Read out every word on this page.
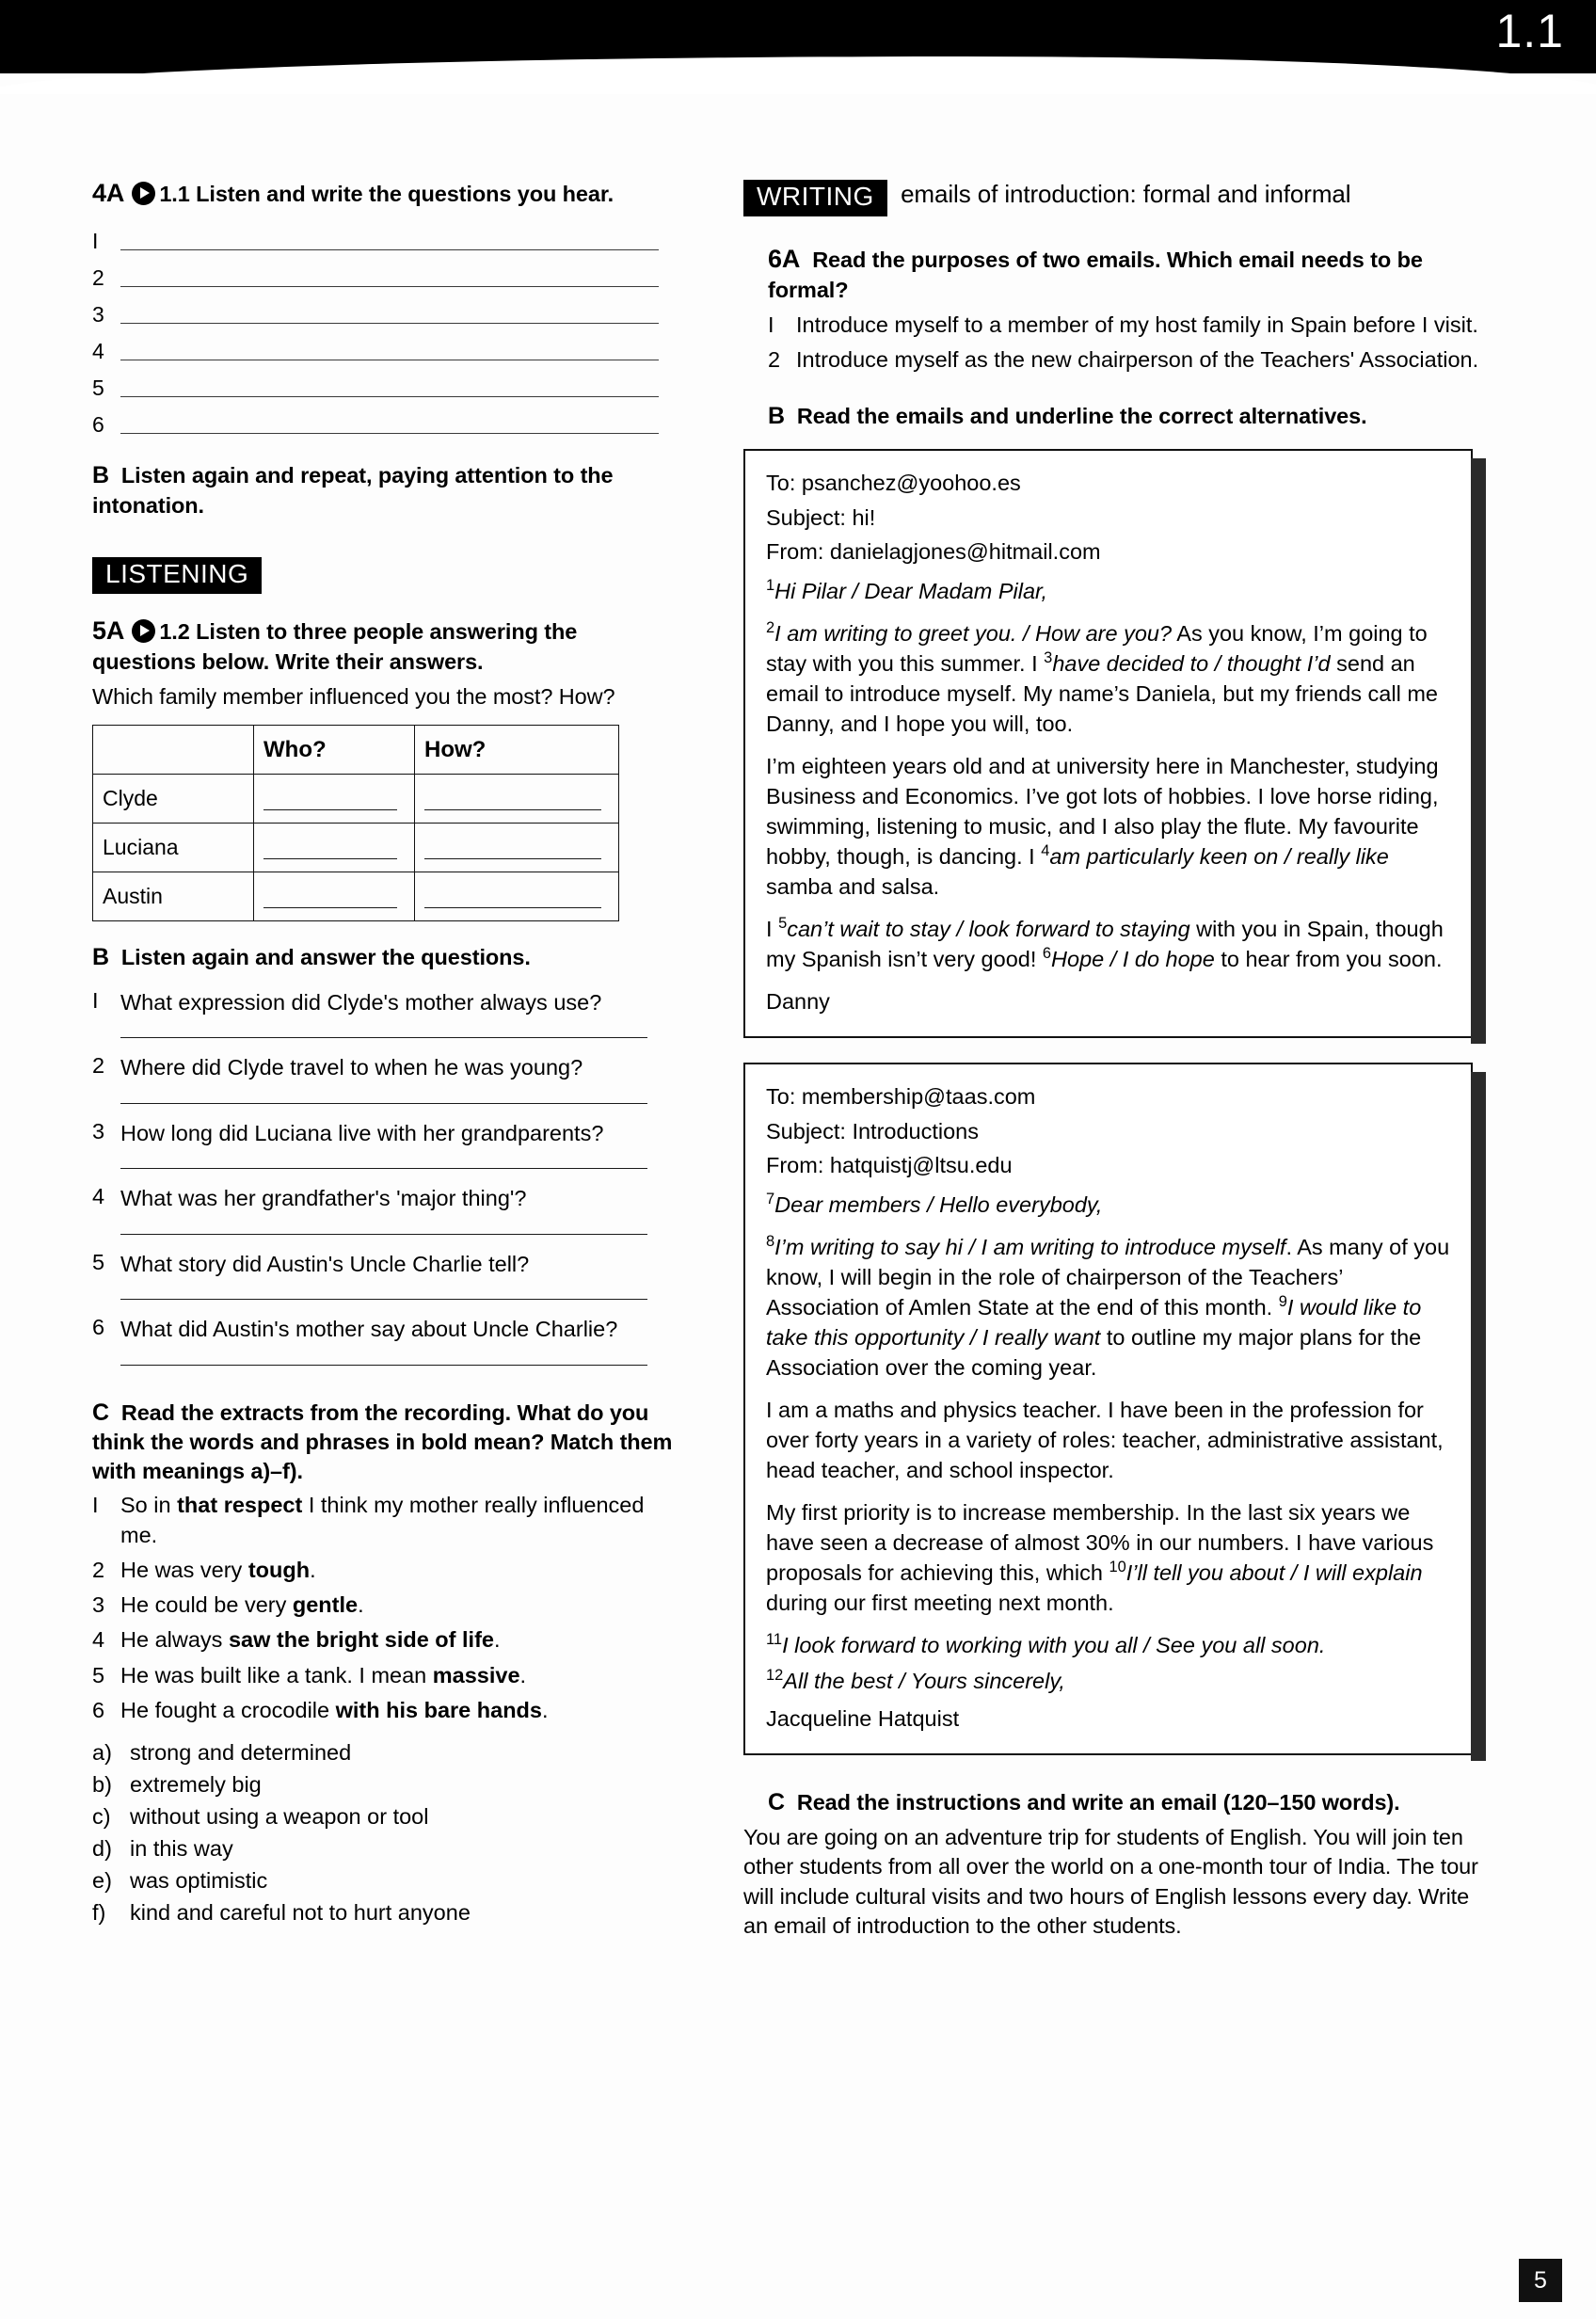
1.1
4A 1.1 Listen and write the questions you hear.
I
2
3
4
5
6
B Listen again and repeat, paying attention to the intonation.
LISTENING
5A 1.2 Listen to three people answering the questions below. Write their answers.

Which family member influenced you the most? How?

	Who?	How?
Clyde	

Luciana	

Austin	

B Listen again and answer the questions.
I What expression did Clyde's mother always use?
2 Where did Clyde travel to when he was young?
3 How long did Luciana live with her grandparents?
4 What was her grandfather's 'major thing'?
5 What story did Austin's Uncle Charlie tell?
6 What did Austin's mother say about Uncle Charlie?
C Read the extracts from the recording. What do you think the words and phrases in bold mean? Match them with meanings a)–f).
I So in that respect I think my mother really influenced me.
2 He was very tough.
3 He could be very gentle.
4 He always saw the bright side of life.
5 He was built like a tank. I mean massive.
6 He fought a crocodile with his bare hands.
a) strong and determined
b) extremely big
c) without using a weapon or tool
d) in this way
e) was optimistic
f)	kind and careful not to hurt anyone
WRITING emails of introduction: formal and informal
6A Read the purposes of two emails. Which email needs to be formal?
I Introduce myself to a member of my host family in Spain before I visit.
2 Introduce myself as the new chairperson of the Teachers' Association.
B Read the emails and underline the correct alternatives.

To: psanchez@yoohoo.es

Subject: hi!

From: danielagjones@hitmail.com

$^1$Hi Pilar / Dear Madam Pilar,

$^2$I am writing to greet you. / How are you? As you know, I’m going to stay with you this summer. I $^3$have decided to / thought I’d send an email to introduce myself. My name’s Daniela, but my friends call me Danny, and I hope you will, too.

I’m eighteen years old and at university here in Manchester, studying Business and Economics. I’ve got lots of hobbies. I love horse riding, swimming, listening to music, and I also play the flute. My favourite hobby, though, is dancing. I $^4$am particularly keen on / really like samba and salsa.

I $^5$can’t wait to stay / look forward to staying with you in Spain, though my Spanish isn’t very good! $^6$Hope / I do hope to hear from you soon.

Danny

To: membership@taas.com

Subject: Introductions

From: hatquistj@ltsu.edu

$^7$Dear members / Hello everybody,

$^8$I’m writing to say hi / I am writing to introduce myself. As many of you know, I will begin in the role of chairperson of the Teachers’ Association of Amlen State at the end of this month. $^9$I would like to take this opportunity / I really want to outline my major plans for the Association over the coming year.

I am a maths and physics teacher. I have been in the profession for over forty years in a variety of roles: teacher, administrative assistant, head teacher, and school inspector.

My first priority is to increase membership. In the last six years we have seen a decrease of almost 30% in our numbers. I have various proposals for achieving this, which $^{10}$I’ll tell you about / I will explain during our first meeting next month.

$^{11}$I look forward to working with you all / See you all soon.

$^{12}$All the best / Yours sincerely,

Jacqueline Hatquist

C Read the instructions and write an email (120–150 words).

You are going on an adventure trip for students of English. You will join ten other students from all over the world on a one-month tour of India. The tour will include cultural visits and two hours of English lessons every day. Write an email of introduction to the other students.

5
